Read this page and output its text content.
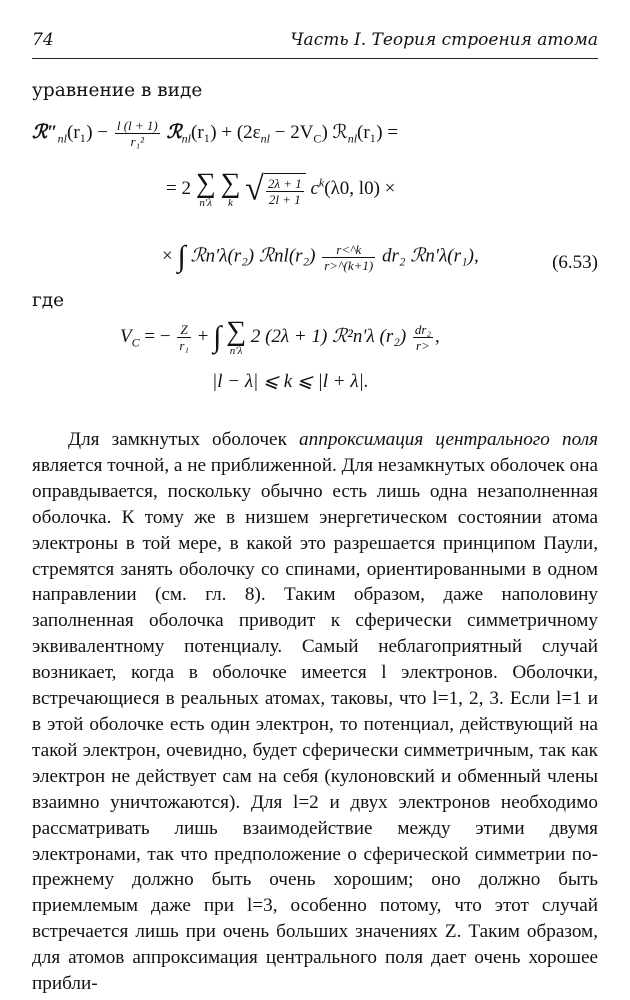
74	Часть I. Теория строения атома
уравнение в виде
$ℛ''_{nl}(r_1) - \frac{l (l + 1)}{\text{r₁²}}$ ℛ$_{nl}$(r₁) + $(2\varepsilon_{nl} - 2V_C)$ ℛ$_{nl}$(r₁) =
= 2 ∑
n′λ

∑
k √ $\frac{2\lambda + 1}{2l + 1} c^k(\lambda 0$, l0) ×
× ∫ ℛn′λ(r₂) ℛnl(r₂) $\frac{r<\^{}k}{r>\^{}(k+1)} dr_2$ ℛn′λ(r₁),	(6.53)
где
$V_C$ = − $\frac{Z}{\text{r₁}}$ + ∫ ∑
n′λ
2 (2λ + 1) ℛ²n′λ $(r_2) \frac{\text{dr₂}}{r>}$ ,
|l − λ| ⩽ k ⩽ |l + λ|.

Для замкнутых оболочек аппроксимация центрального поля является точной, а не приближенной. Для незамкнутых оболочек она оправдывается, поскольку обычно есть лишь одна незаполненная оболочка. К тому же в низшем энергетическом состоянии атома электроны в той мере, в какой это разрешается принципом Паули, стремятся занять оболочку со спинами, ориентированными в одном направлении (см. гл. 8). Таким образом, даже наполовину заполненная оболочка приводит к сферически симметричному эквивалентному потенциалу. Самый неблагоприятный случай возникает, когда в оболочке имеется l электронов. Оболочки, встречающиеся в реальных атомах, таковы, что l=1, 2, 3. Если l=1 и в этой оболочке есть один электрон, то потенциал, действующий на такой электрон, очевидно, будет сферически симметричным, так как электрон не действует сам на себя (кулоновский и обменный члены взаимно уничтожаются). Для l=2 и двух электронов необходимо рассматривать лишь взаимодействие между этими двумя электронами, так что предположение о сферической симметрии по-прежнему должно быть очень хорошим; оно должно быть приемлемым даже при l=3, особенно потому, что этот случай встречается лишь при очень больших значениях Z. Таким образом, для атомов аппроксимация центрального поля дает очень хорошее прибли-
